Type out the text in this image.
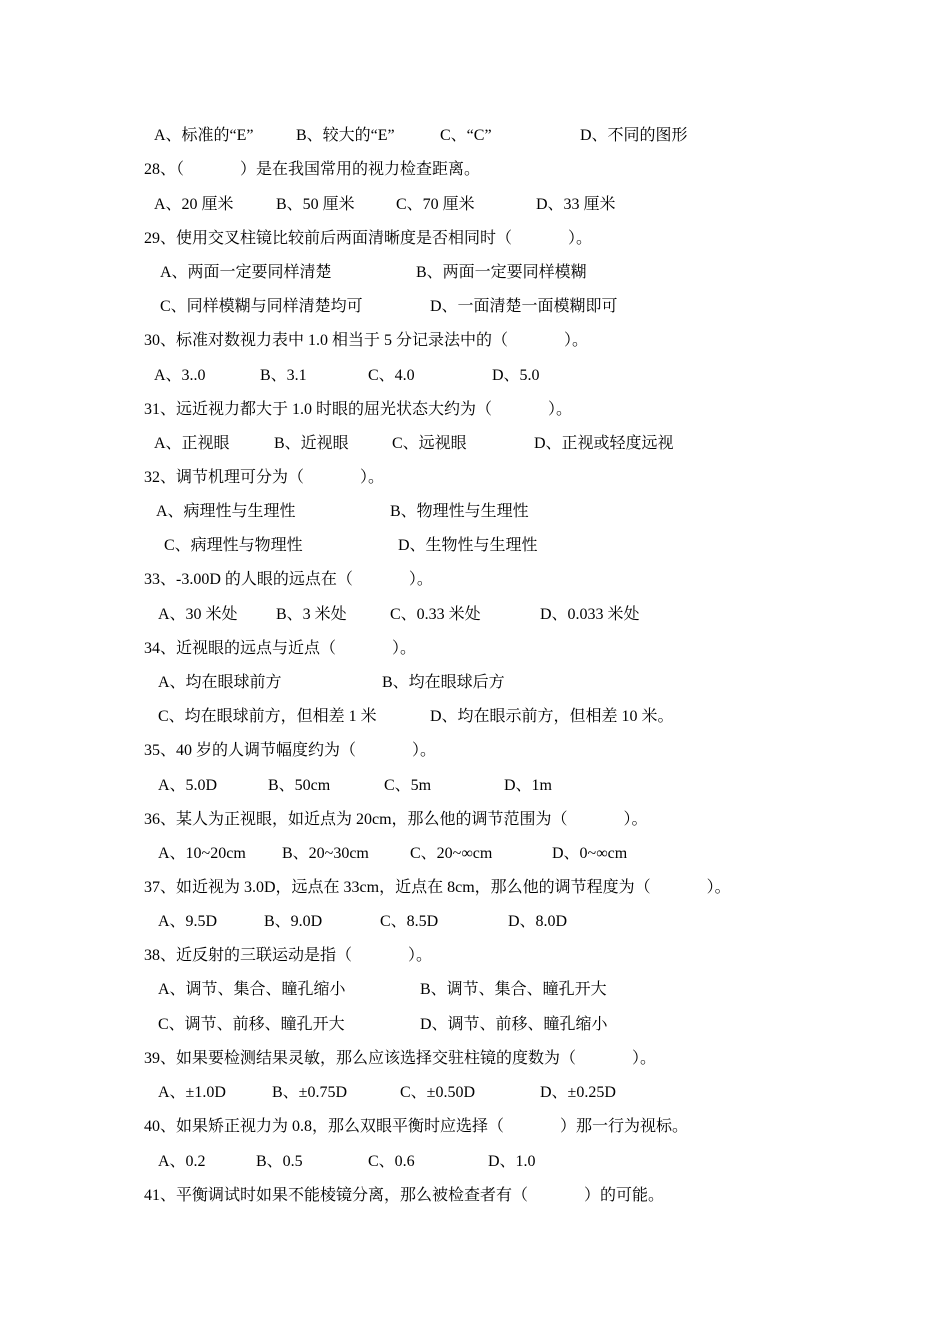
A、标准的“E”	B、较大的“E”	C、“C”	D、不同的图形
28、（              ）是在我国常用的视力检查距离。
A、20 厘米	B、50 厘米	C、70 厘米	D、33 厘米
29、使用交叉柱镜比较前后两面清晰度是否相同时（              ）。
A、两面一定要同样清楚	B、两面一定要同样模糊
C、同样模糊与同样清楚均可	D、一面清楚一面模糊即可
30、标准对数视力表中 1.0 相当于 5 分记录法中的（              ）。
A、3..0	B、3.1	C、4.0	D、5.0
31、远近视力都大于 1.0 时眼的屈光状态大约为（              ）。
A、正视眼	B、近视眼	C、远视眼	D、正视或轻度远视
32、调节机理可分为（              ）。
A、病理性与生理性	B、物理性与生理性
C、病理性与物理性	D、生物性与生理性
33、-3.00D 的人眼的远点在（              ）。
A、30 米处 B、3 米处	C、0.33 米处	D、0.033 米处
34、近视眼的远点与近点（              ）。
A、均在眼球前方	B、均在眼球后方
C、均在眼球前方，但相差 1 米	D、均在眼示前方，但相差 10 米。
35、40 岁的人调节幅度约为（              ）。
A、5.0D	B、50cm	C、5m	D、1m
36、某人为正视眼，如近点为 20cm，那么他的调节范围为（              ）。
A、10~20cm B、20~30cm	C、20~∞cm	D、0~∞cm
37、如近视为 3.0D，远点在 33cm，近点在 8cm，那么他的调节程度为（              ）。
A、9.5D	B、9.0D	C、8.5D	D、8.0D
38、近反射的三联运动是指（              ）。
A、调节、集合、瞳孔缩小	B、调节、集合、瞳孔开大
C、调节、前移、瞳孔开大	D、调节、前移、瞳孔缩小
39、如果要检测结果灵敏，那么应该选择交驻柱镜的度数为（              ）。
A、±1.0D	B、±0.75D	C、±0.50D	D、±0.25D
40、如果矫正视力为 0.8，那么双眼平衡时应选择（              ）那一行为视标。
A、0.2	B、0.5	C、0.6	D、1.0
41、平衡调试时如果不能棱镜分离，那么被检查者有（              ）的可能。
